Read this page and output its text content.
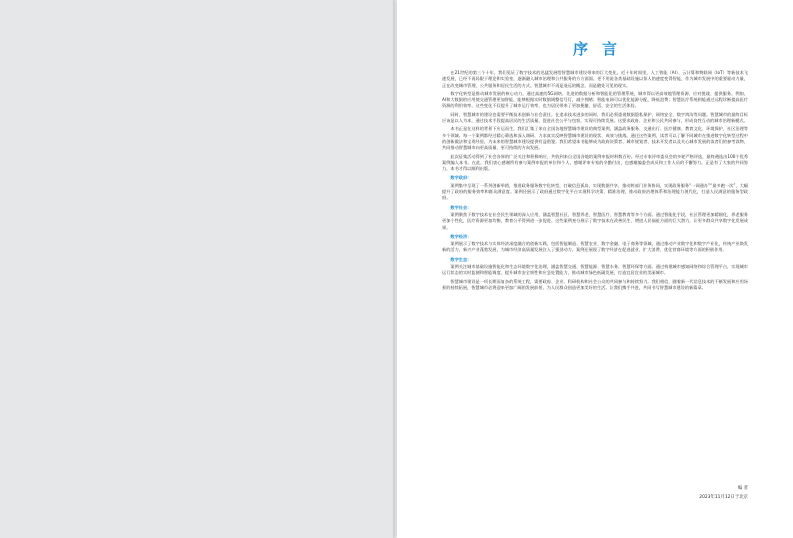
序言

在21世纪的第三个十年，我们见证了数字技术的迅猛发展给智慧城市建设带来的巨大变化。近十年时间里，人工智能（AI）、云计算和物联网（IoT）等新技术飞速发展，已经不再局限于理论和实验室，逐渐融入城市治理和公共服务的方方面面。更不用说各类基础设施以惊人的速度变得智能，作为城市发展中的重要驱动力量，正在改变城市管理、公共服务和居民生活的方式。智慧城市不再是遥远的概念，而是随处可见的现实。

数字化转型是推动城市发展的核心动力。通过高速的5G网络、先进的数据分析和智能化的管理系统，城市得以更高效地管理资源、应对挑战、提供服务。例如，AI和大数据的应用使交通管理更加智能，能够根据实时数据调整信号灯，减少拥堵；智能电网可以优化能源分配，降低浪费；智慧医疗系统则能通过远程诊断提高医疗资源的利用效率。这些变化不仅提升了城市运行效率，也为居民带来了更加便捷、舒适、安全的生活体验。

同时，智慧城市的建设也需要平衡技术创新与社会责任。在追求技术进步的同时，我们必须重视数据隐私保护、网络安全、数字鸿沟等问题。智慧城市的最终目标应该是以人为本，通过技术手段提高居民的生活质量，促进社会公平与包容，实现可持续发展。这要求政府、企业和公民共同参与，形成良性互动的城市治理新模式。

本书正是在这样的背景下应运而生。我们汇集了来自全国各地智慧城市建设的典型案例，涵盖政务服务、交通出行、医疗健康、教育文化、环境保护、社区治理等多个领域。每一个案例都经过精心筛选和深入调研，力求真实反映智慧城市建设的现状、成效与挑战。通过这些案例，读者可以了解不同城市在推进数字化转型过程中的创新做法和宝贵经验，为未来的智慧城市建设提供有益借鉴。我们希望本书能够成为政府决策者、城市规划者、技术开发者以及关心城市发展的读者们的参考读物，共同推动智慧城市向更高质量、更可持续的方向发展。

此次征集活动得到了社会各界的广泛关注和积极响应，共收到来自全国各地的案例申报材料数百份。经过专家评审委员会的多轮严格评选，最终遴选出100个优秀案例编入本书。在此，我们衷心感谢所有参与案例申报的单位和个人，感谢评审专家的辛勤付出，也感谢编委会成员和工作人员的不懈努力。正是有了大家的共同努力，本书才得以顺利出版。

数字政府：

案例集中呈现了一系列创新举措，推进政务服务数字化转型，打破信息孤岛，实现数据共享，推动跨部门业务协同，实现政务服务“一网通办”“最多跑一次”，大幅提升了政府的服务效率和群众满意度。案例还展示了政府通过数字化平台实现科学决策、精准治理，推动政府治理体系和治理能力现代化，打造人民满意的服务型政府。

数字社会：

案例聚焦于数字技术在社会民生领域的深入应用，涵盖智慧社区、智慧养老、智慧医疗、智慧教育等多个方面。通过智能化手段，社区管理更加精细化，养老服务更加个性化，医疗资源更加均衡，教育公平得到进一步促进。这些案例充分展示了数字技术在改善民生、增进人民福祉方面的巨大潜力，让更多群众共享数字化发展成果。

数字经济：

案例展示了数字技术与实体经济深度融合的创新实践，包括智能制造、智慧农业、数字金融、电子商务等领域。通过推动产业数字化和数字产业化，传统产业焕发新的活力，新兴产业蓬勃发展，为城市经济高质量发展注入了强劲动力。案例还展现了数字经济在促进就业、扩大消费、优化营商环境等方面的积极作用。

数字生态：

案例关注城市基础设施智能化和生态环境数字化治理，涵盖智慧交通、智慧能源、智慧水务、智慧环保等方面。通过构建城市感知网络和综合管理平台，实现城市运行状态的实时监测和智能调度，提升城市安全韧性和应急处置能力，推动城市绿色低碳发展，打造宜居宜业的美丽城市。

智慧城市建设是一项长期而复杂的系统工程，需要政府、企业、科研机构和社会公众的共同参与和持续努力。我们相信，随着新一代信息技术的不断发展和应用场景的持续拓展，智慧城市必将迎来更加广阔的发展前景，为人民群众创造更加美好的生活。让我们携手共进，共同书写智慧城市建设的新篇章。

编 者
2023年11月12日于北京
